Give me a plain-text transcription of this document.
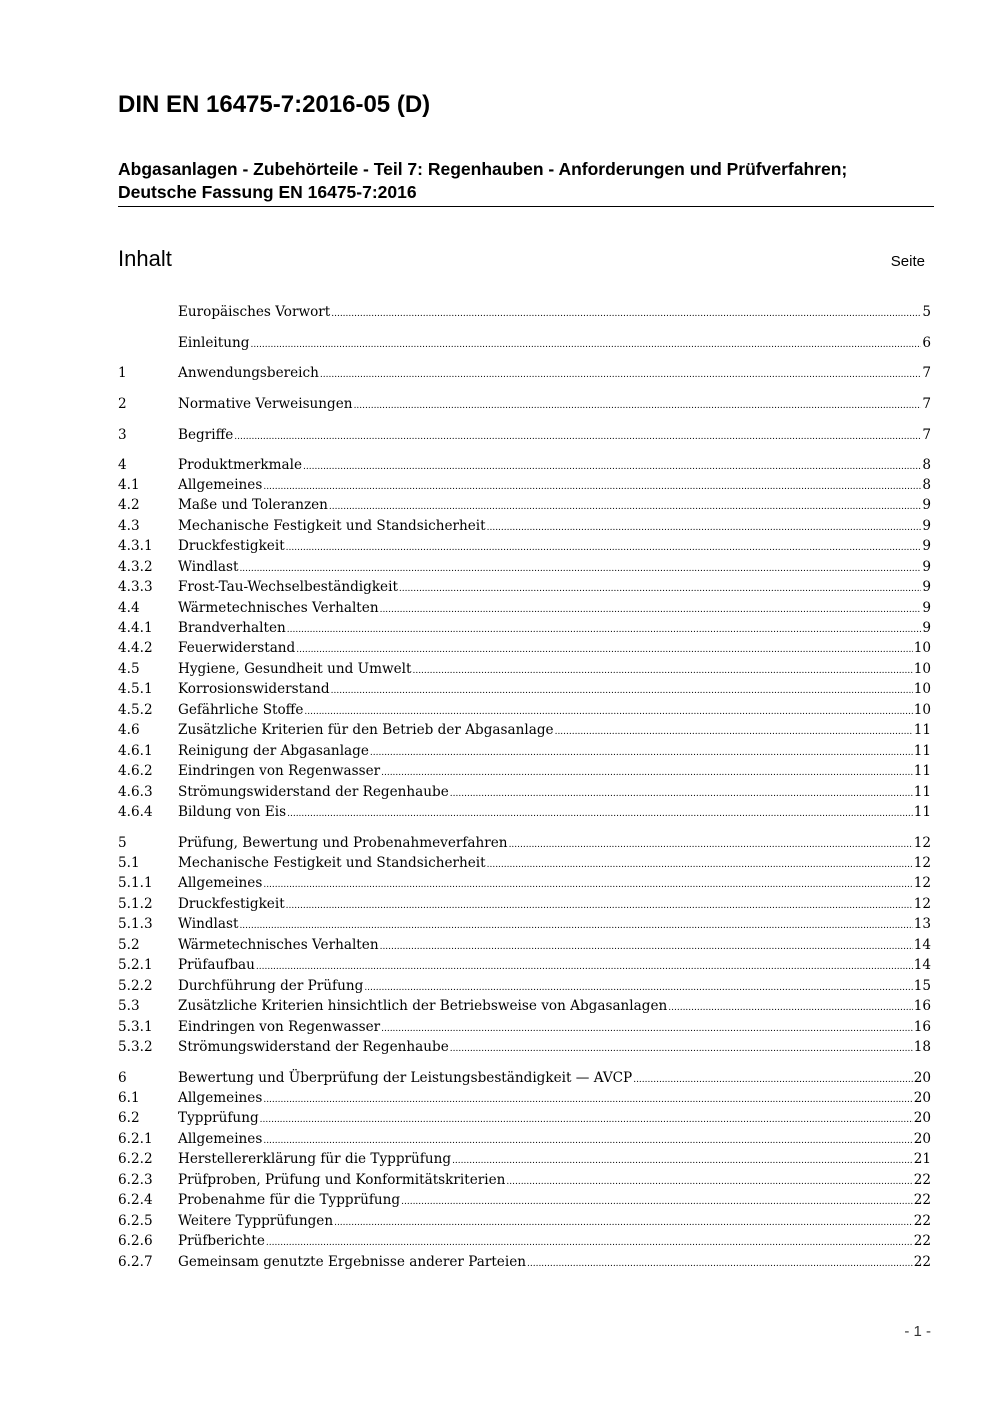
DIN EN 16475-7:2016-05 (D)
Abgasanlagen - Zubehörteile - Teil 7: Regenhauben - Anforderungen und Prüfverfahren; Deutsche Fassung EN 16475-7:2016
Inhalt	Seite
Europäisches Vorwort .....	5
Einleitung .....	6
1	Anwendungsbereich .....	7
2	Normative Verweisungen .....	7
3	Begriffe .....	7
4	Produktmerkmale .....	8
4.1	Allgemeines .....	8
4.2	Maße und Toleranzen .....	9
4.3	Mechanische Festigkeit und Standsicherheit .....	9
4.3.1	Druckfestigkeit .....	9
4.3.2	Windlast .....	9
4.3.3	Frost-Tau-Wechselbeständigkeit .....	9
4.4	Wärmetechnisches Verhalten .....	9
4.4.1	Brandverhalten .....	9
4.4.2	Feuerwiderstand .....	10
4.5	Hygiene, Gesundheit und Umwelt .....	10
4.5.1	Korrosionswiderstand .....	10
4.5.2	Gefährliche Stoffe .....	10
4.6	Zusätzliche Kriterien für den Betrieb der Abgasanlage .....	11
4.6.1	Reinigung der Abgasanlage .....	11
4.6.2	Eindringen von Regenwasser .....	11
4.6.3	Strömungswiderstand der Regenhaube .....	11
4.6.4	Bildung von Eis .....	11
5	Prüfung, Bewertung und Probenahmeverfahren .....	12
5.1	Mechanische Festigkeit und Standsicherheit .....	12
5.1.1	Allgemeines .....	12
5.1.2	Druckfestigkeit .....	12
5.1.3	Windlast .....	13
5.2	Wärmetechnisches Verhalten .....	14
5.2.1	Prüfaufbau .....	14
5.2.2	Durchführung der Prüfung .....	15
5.3	Zusätzliche Kriterien hinsichtlich der Betriebsweise von Abgasanlagen .....	16
5.3.1	Eindringen von Regenwasser .....	16
5.3.2	Strömungswiderstand der Regenhaube .....	18
6	Bewertung und Überprüfung der Leistungsbeständigkeit — AVCP .....	20
6.1	Allgemeines .....	20
6.2	Typprüfung .....	20
6.2.1	Allgemeines .....	20
6.2.2	Herstellererklärung für die Typprüfung .....	21
6.2.3	Prüfproben, Prüfung und Konformitätskriterien .....	22
6.2.4	Probenahme für die Typprüfung .....	22
6.2.5	Weitere Typprüfungen .....	22
6.2.6	Prüfberichte .....	22
6.2.7	Gemeinsam genutzte Ergebnisse anderer Parteien .....	22
- 1 -
